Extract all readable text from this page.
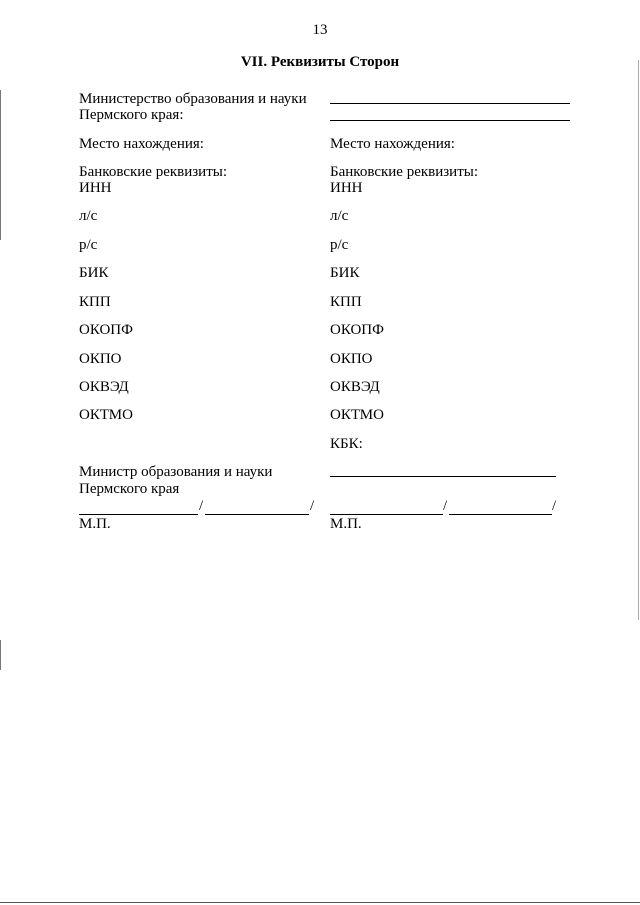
13
VII. Реквизиты Сторон
Министерство образования и науки
Пермского края:
Место нахождения:
Банковские реквизиты:
ИНН
л/с
р/с
БИК
КПП
ОКОПФ
ОКПО
ОКВЭД
ОКТМО
Министр образования и науки
Пермского края
/	/
М.П.
Место нахождения:
Банковские реквизиты:
ИНН
л/с
р/с
БИК
КПП
ОКОПФ
ОКПО
ОКВЭД
ОКТМО
КБК:
/	/
М.П.
